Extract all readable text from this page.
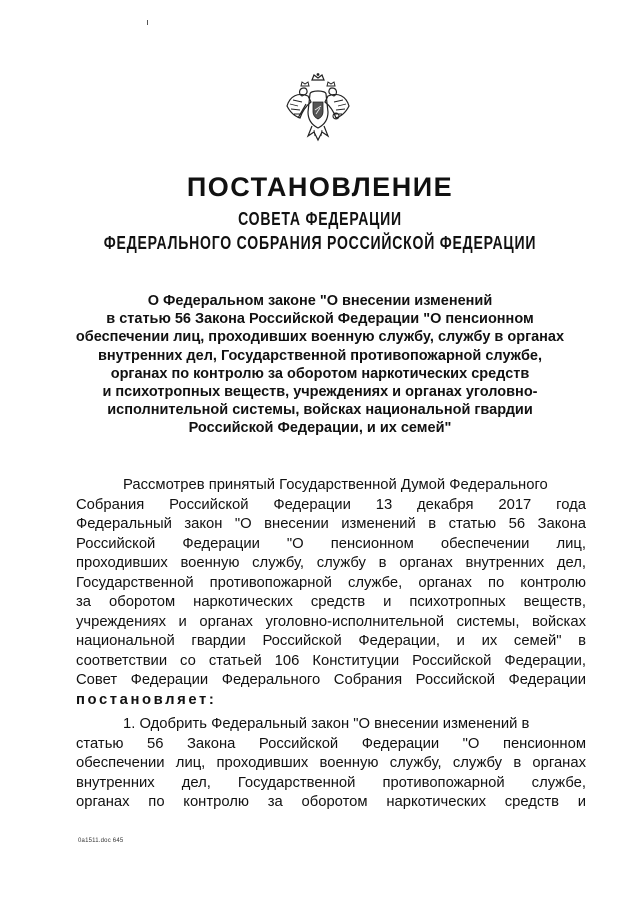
ПОСТАНОВЛЕНИЕ
СОВЕТА ФЕДЕРАЦИИ
ФЕДЕРАЛЬНОГО СОБРАНИЯ РОССИЙСКОЙ ФЕДЕРАЦИИ
О Федеральном законе "О внесении изменений
в статью 56 Закона Российской Федерации "О пенсионном
обеспечении лиц, проходивших военную службу, службу в органах
внутренних дел, Государственной противопожарной службе,
органах по контролю за оборотом наркотических средств
и психотропных веществ, учреждениях и органах уголовно-
исполнительной системы, войсках национальной гвардии
Российской Федерации, и их семей"
Рассмотрев принятый Государственной Думой Федерального
Собрания Российской Федерации 13 декабря 2017 года
Федеральный закон "О внесении изменений в статью 56 Закона
Российской Федерации "О пенсионном обеспечении лиц,
проходивших военную службу, службу в органах внутренних дел,
Государственной противопожарной службе, органах по контролю
за оборотом наркотических средств и психотропных веществ,
учреждениях и органах уголовно-исполнительной системы, войсках
национальной гвардии Российской Федерации, и их семей" в
соответствии со статьей 106 Конституции Российской Федерации,
Совет Федерации Федерального Собрания Российской Федерации
постановляет:
1. Одобрить Федеральный закон "О внесении изменений в
статью 56 Закона Российской Федерации "О пенсионном
обеспечении лиц, проходивших военную службу, службу в органах
внутренних дел, Государственной противопожарной службе,
органах по контролю за оборотом наркотических средств и
0a1511.doc 645
